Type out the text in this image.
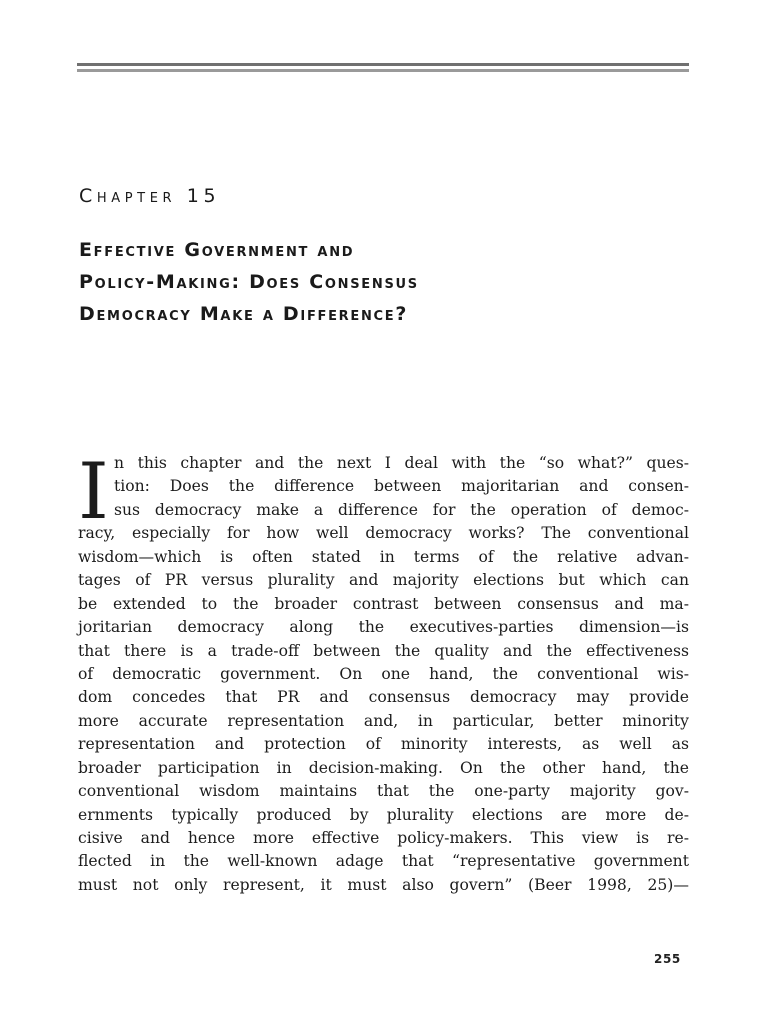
Chapter 15
Effective Government and
Policy-Making: Does Consensus
Democracy Make a Difference?
I n this chapter and the next I deal with the “so what?” ques-
tion: Does the difference between majoritarian and consen-
sus democracy make a difference for the operation of democ-
racy, especially for how well democracy works? The conventional
wisdom—which is often stated in terms of the relative advan-
tages of PR versus plurality and majority elections but which can
be extended to the broader contrast between consensus and ma-
joritarian democracy along the executives-parties dimension—is
that there is a trade-off between the quality and the effectiveness
of democratic government. On one hand, the conventional wis-
dom concedes that PR and consensus democracy may provide
more accurate representation and, in particular, better minority
representation and protection of minority interests, as well as
broader participation in decision-making. On the other hand, the
conventional wisdom maintains that the one-party majority gov-
ernments typically produced by plurality elections are more de-
cisive and hence more effective policy-makers. This view is re-
flected in the well-known adage that “representative government
must not only represent, it must also govern” (Beer 1998, 25)—
255
